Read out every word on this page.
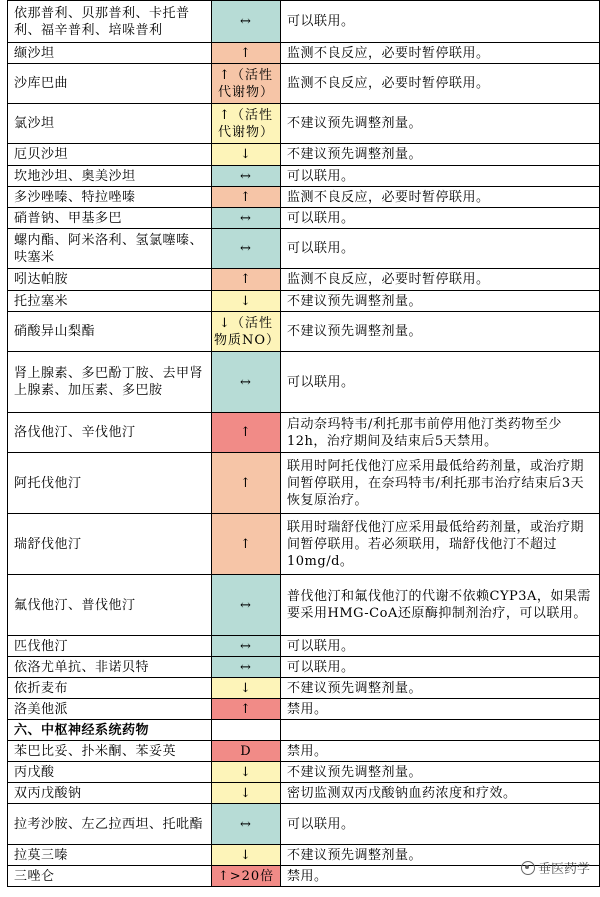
依那普利、贝那普利、卡托普利、福辛普利、培哚普利	↔	可以联用。
缬沙坦	↑	监测不良反应，必要时暂停联用。
沙库巴曲	↑（活性代谢物）	监测不良反应，必要时暂停联用。
氯沙坦	↑（活性代谢物）	不建议预先调整剂量。
厄贝沙坦	↓	不建议预先调整剂量。
坎地沙坦、奥美沙坦	↔	可以联用。
多沙唑嗪、特拉唑嗪	↑	监测不良反应，必要时暂停联用。
硝普钠、甲基多巴	↔	可以联用。
螺内酯、阿米洛利、氢氯噻嗪、呋塞米	↔	可以联用。
吲达帕胺	↑	监测不良反应，必要时暂停联用。
托拉塞米	↓	不建议预先调整剂量。
硝酸异山梨酯	↓（活性物质NO）	不建议预先调整剂量。
肾上腺素、多巴酚丁胺、去甲肾上腺素、加压素、多巴胺	↔	可以联用。
洛伐他汀、辛伐他汀	↑	启动奈玛特韦/利托那韦前停用他汀类药物至少12h，治疗期间及结束后5天禁用。
阿托伐他汀	↑	联用时阿托伐他汀应采用最低给药剂量，或治疗期间暂停联用，在奈玛特韦/利托那韦治疗结束后3天恢复原治疗。
瑞舒伐他汀	↑	联用时瑞舒伐他汀应采用最低给药剂量，或治疗期间暂停联用。若必须联用，瑞舒伐他汀不超过10mg/d。
氟伐他汀、普伐他汀	↔	普伐他汀和氟伐他汀的代谢不依赖CYP3A，如果需要采用HMG-CoA还原酶抑制剂治疗，可以联用。
匹伐他汀	↔	可以联用。
依洛尤单抗、非诺贝特	↔	可以联用。
依折麦布	↓	不建议预先调整剂量。
洛美他派	↑	禁用。
六、中枢神经系统药物		
苯巴比妥、扑米酮、苯妥英	D	禁用。
丙戊酸	↓	不建议预先调整剂量。
双丙戊酸钠	↓	密切监测双丙戊酸钠血药浓度和疗效。
拉考沙胺、左乙拉西坦、托吡酯	↔	可以联用。
拉莫三嗪	↓	不建议预先调整剂量。
三唑仑	↑>20倍	禁用。	垂医药学
